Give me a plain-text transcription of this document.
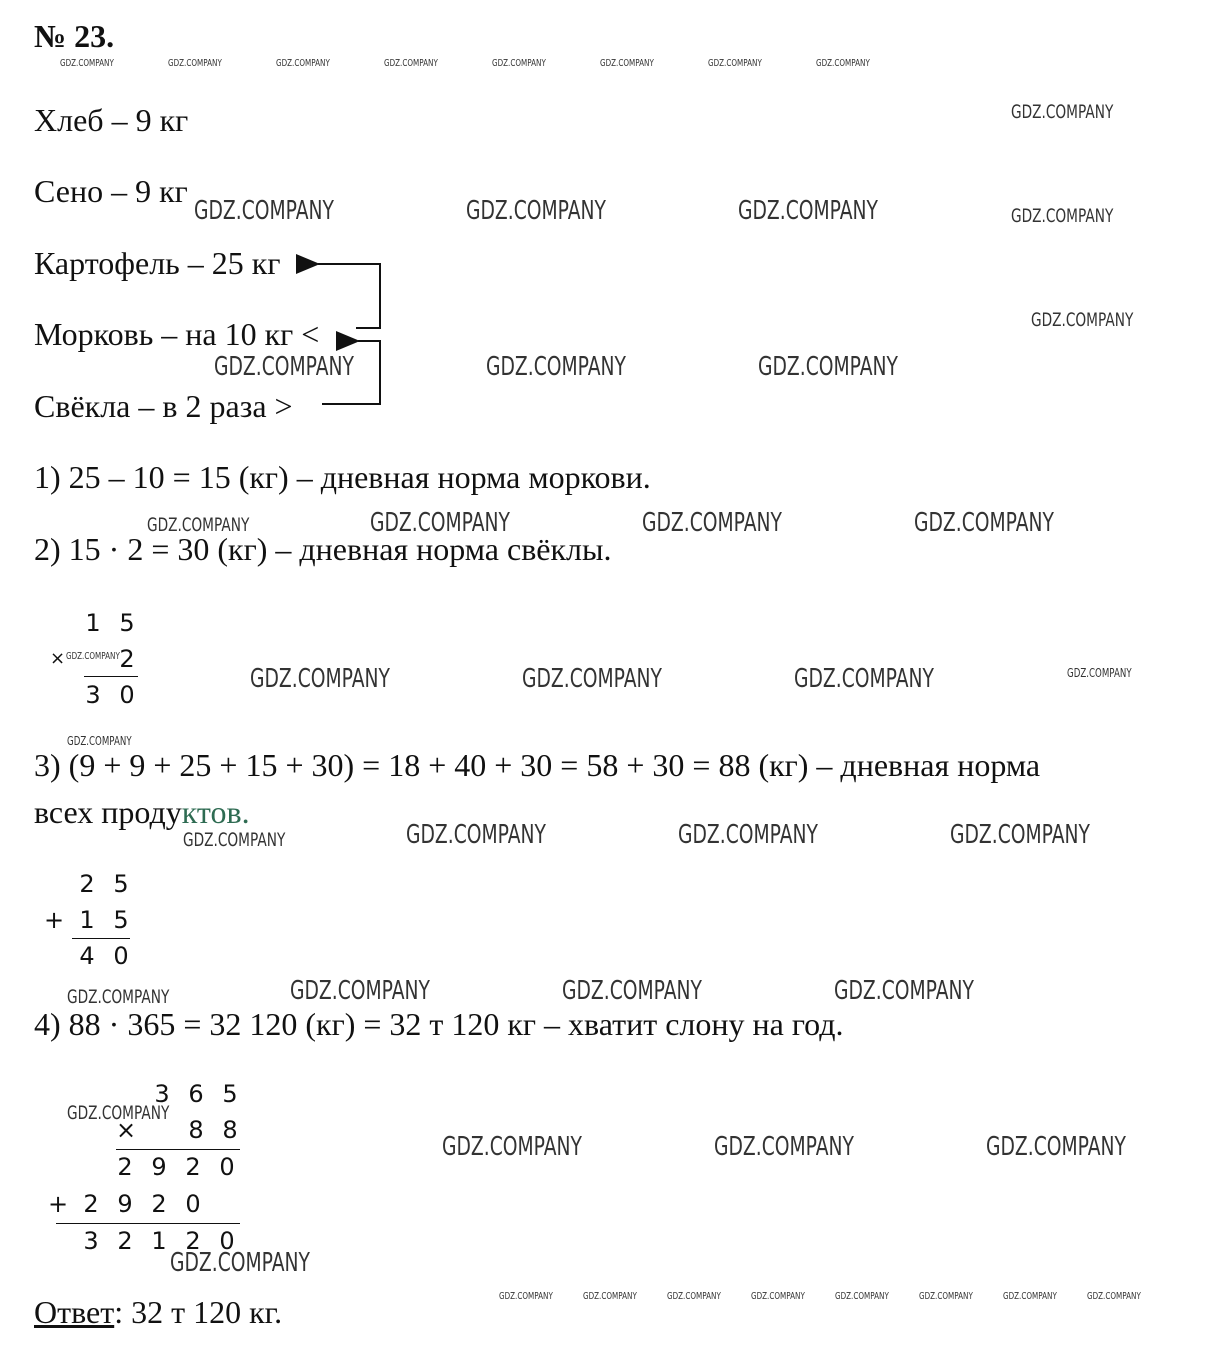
№ 23.
Хлеб – 9 кг
Сено – 9 кг
Картофель – 25 кг
Морковь – на 10 кг <
Свёкла – в 2 раза >
1) 25 – 10 = 15 (кг) – дневная норма моркови.
2) 15 · 2 = 30 (кг) – дневная норма свёклы.
1 5
×	2
3 0
3) (9 + 9 + 25 + 15 + 30) = 18 + 40 + 30 = 58 + 30 = 88 (кг) – дневная норма
всех продуктов.
2 5
+ 1 5
4 0
4) 88 · 365 = 32 120 (кг) = 32 т 120 кг – хватит слону на год.
3 6 5
×	8 8
2 9 2 0
+ 2 9 2 0
3 2 1 2 0
Ответ: 32 т 120 кг.
GDZ.COMPANY	GDZ.COMPANY	GDZ.COMPANY	GDZ.COMPANY	GDZ.COMPANY	GDZ.COMPANY	GDZ.COMPANY	GDZ.COMPANY
GDZ.COMPANY
GDZ.COMPANY	GDZ.COMPANY	GDZ.COMPANY	GDZ.COMPANY
GDZ.COMPANY
GDZ.COMPANY	GDZ.COMPANY	GDZ.COMPANY
GDZ.COMPANY	GDZ.COMPANY	GDZ.COMPANY	GDZ.COMPANY
GDZ.COMPANY
GDZ.COMPANY	GDZ.COMPANY	GDZ.COMPANY	GDZ.COMPANY
GDZ.COMPANY
GDZ.COMPANY	GDZ.COMPANY	GDZ.COMPANY	GDZ.COMPANY
GDZ.COMPANY	GDZ.COMPANY	GDZ.COMPANY	GDZ.COMPANY
GDZ.COMPANY
GDZ.COMPANY	GDZ.COMPANY	GDZ.COMPANY
GDZ.COMPANY
GDZ.COMPANY	GDZ.COMPANY	GDZ.COMPANY	GDZ.COMPANY	GDZ.COMPANY	GDZ.COMPANY	GDZ.COMPANY	GDZ.COMPANY
